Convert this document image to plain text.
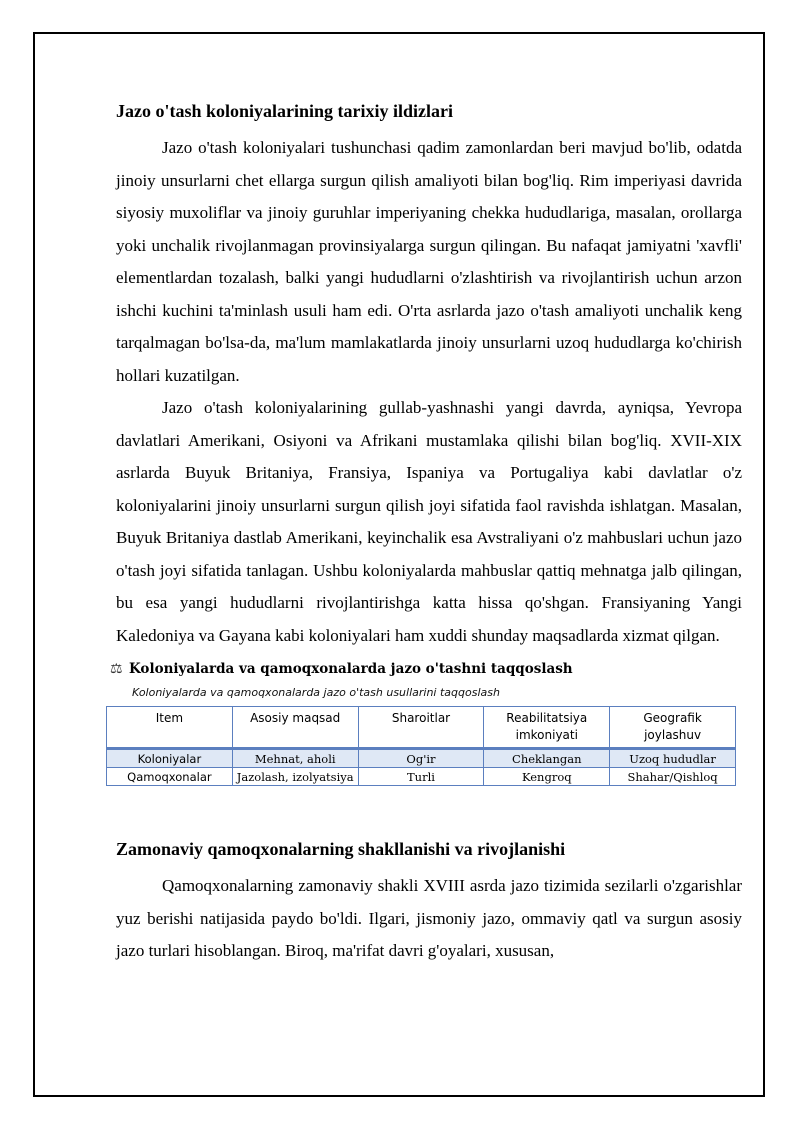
Jazo o'tash koloniyalarining tarixiy ildizlari

Jazo o'tash koloniyalari tushunchasi qadim zamonlardan beri mavjud bo'lib, odatda jinoiy unsurlarni chet ellarga surgun qilish amaliyoti bilan bog'liq. Rim imperiyasi davrida siyosiy muxoliflar va jinoiy guruhlar imperiyaning chekka hududlariga, masalan, orollarga yoki unchalik rivojlanmagan provinsiyalarga surgun qilingan. Bu nafaqat jamiyatni 'xavfli' elementlardan tozalash, balki yangi hududlarni o'zlashtirish va rivojlantirish uchun arzon ishchi kuchini ta'minlash usuli ham edi. O'rta asrlarda jazo o'tash amaliyoti unchalik keng tarqalmagan bo'lsa-da, ma'lum mamlakatlarda jinoiy unsurlarni uzoq hududlarga ko'chirish hollari kuzatilgan.

Jazo o'tash koloniyalarining gullab-yashnashi yangi davrda, ayniqsa, Yevropa davlatlari Amerikani, Osiyoni va Afrikani mustamlaka qilishi bilan bog'liq. XVII-XIX asrlarda Buyuk Britaniya, Fransiya, Ispaniya va Portugaliya kabi davlatlar o'z koloniyalarini jinoiy unsurlarni surgun qilish joyi sifatida faol ravishda ishlatgan. Masalan, Buyuk Britaniya dastlab Amerikani, keyinchalik esa Avstraliyani o'z mahbuslari uchun jazo o'tash joyi sifatida tanlagan. Ushbu koloniyalarda mahbuslar qattiq mehnatga jalb qilingan, bu esa yangi hududlarni rivojlantirishga katta hissa qo'shgan. Fransiyaning Yangi Kaledoniya va Gayana kabi koloniyalari ham xuddi shunday maqsadlarda xizmat qilgan.

⚖ Koloniyalarda va qamoqxonalarda jazo o'tashni taqqoslash
Koloniyalarda va qamoqxonalarda jazo o'tash usullarini taqqoslash
Item	Asosiy maqsad	Sharoitlar	Reabilitatsiya imkoniyati	Geografik joylashuv
Koloniyalar	Mehnat, aholi	Og'ir	Cheklangan	Uzoq hududlar
Qamoqxonalar	Jazolash, izolyatsiya	Turli	Kengroq	Shahar/Qishloq
Zamonaviy qamoqxonalarning shakllanishi va rivojlanishi

Qamoqxonalarning zamonaviy shakli XVIII asrda jazo tizimida sezilarli o'zgarishlar yuz berishi natijasida paydo bo'ldi. Ilgari, jismoniy jazo, ommaviy qatl va surgun asosiy jazo turlari hisoblangan. Biroq, ma'rifat davri g'oyalari, xususan,
